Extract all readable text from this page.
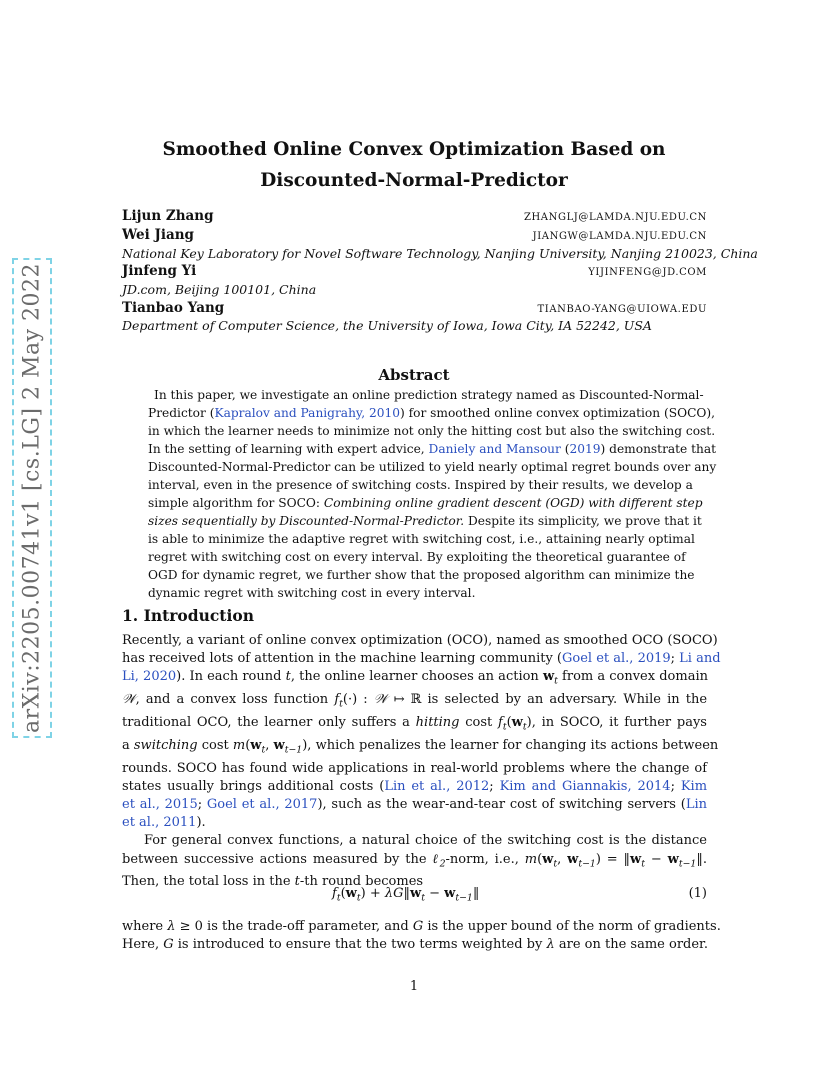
arXiv:2205.00741v1 [cs.LG] 2 May 2022
Smoothed Online Convex Optimization Based on
Discounted-Normal-Predictor
Lijun Zhang	ZHANGLJ@LAMDA.NJU.EDU.CN
Wei Jiang	JIANGW@LAMDA.NJU.EDU.CN
National Key Laboratory for Novel Software Technology, Nanjing University, Nanjing 210023, China
Jinfeng Yi	YIJINFENG@JD.COM
JD.com, Beijing 100101, China
Tianbao Yang	TIANBAO-YANG@UIOWA.EDU
Department of Computer Science, the University of Iowa, Iowa City, IA 52242, USA
Abstract
In this paper, we investigate an online prediction strategy named as Discounted-Normal-
Predictor (Kapralov and Panigrahy, 2010) for smoothed online convex optimization (SOCO),
in which the learner needs to minimize not only the hitting cost but also the switching cost.
In the setting of learning with expert advice, Daniely and Mansour (2019) demonstrate that
Discounted-Normal-Predictor can be utilized to yield nearly optimal regret bounds over any
interval, even in the presence of switching costs. Inspired by their results, we develop a
simple algorithm for SOCO: Combining online gradient descent (OGD) with different step
sizes sequentially by Discounted-Normal-Predictor. Despite its simplicity, we prove that it
is able to minimize the adaptive regret with switching cost, i.e., attaining nearly optimal
regret with switching cost on every interval. By exploiting the theoretical guarantee of
OGD for dynamic regret, we further show that the proposed algorithm can minimize the
dynamic regret with switching cost in every interval.
1. Introduction
Recently, a variant of online convex optimization (OCO), named as smoothed OCO (SOCO)
has received lots of attention in the machine learning community (Goel et al., 2019; Li and
Li, 2020). In each round t, the online learner chooses an action $w_t$ from a convex domain
𝒲, and a convex loss function $f_t(\cdot)$ : 𝒲 ↦ ℝ is selected by an adversary. While in the
traditional OCO, the learner only suffers a hitting cost $f_t(w_t)$, in SOCO, it further pays
a switching cost $m(w_t$, $w_{t-1}$), which penalizes the learner for changing its actions between
rounds. SOCO has found wide applications in real-world problems where the change of
states usually brings additional costs (Lin et al., 2012; Kim and Giannakis, 2014; Kim
et al., 2015; Goel et al., 2017), such as the wear-and-tear cost of switching servers (Lin
et al., 2011).
For general convex functions, a natural choice of the switching cost is the distance
between successive actions measured by the ℓ$_2$-norm, i.e., $m(w_t$, $w_{t-1}$) = $‖w_t$ − $w_{t-1}‖$.
Then, the total loss in the t-th round becomes
$f_t(w_t)$ + $\lambda G‖w_t$ − $w_{t-1}‖$	(1)
where λ ≥ 0 is the trade-off parameter, and G is the upper bound of the norm of gradients.
Here, G is introduced to ensure that the two terms weighted by λ are on the same order.
1
